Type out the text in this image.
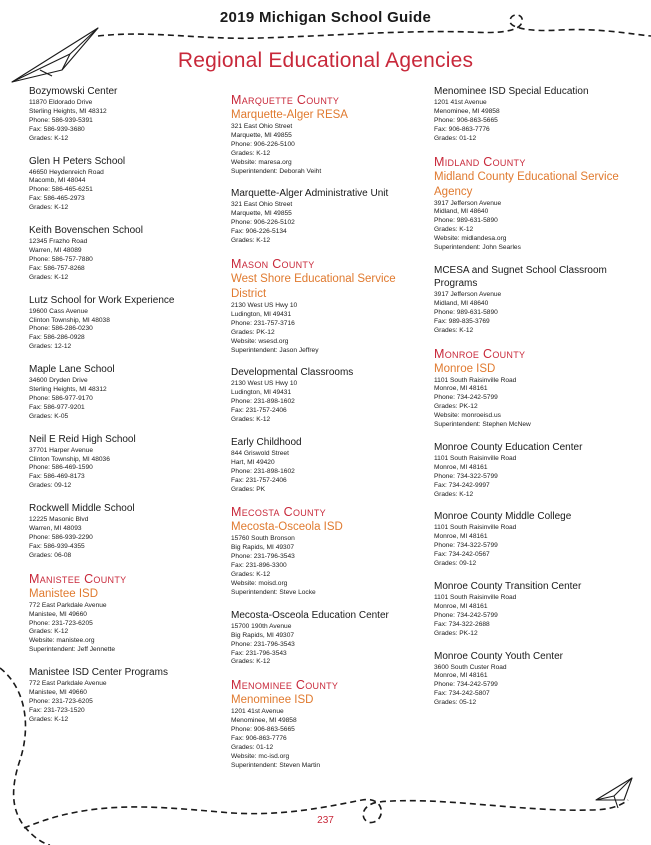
2019 Michigan School Guide
Regional Educational Agencies
Bozymowski Center
11870 Eldorado Drive
Sterling Heights, MI 48312
Phone: 586-939-5391
Fax: 586-939-3680
Grades: K-12
Glen H Peters School
46650 Heydenreich Road
Macomb, MI 48044
Phone: 586-465-6251
Fax: 586-465-2973
Grades: K-12
Keith Bovenschen School
12345 Frazho Road
Warren, MI 48089
Phone: 586-757-7880
Fax: 586-757-8268
Grades: K-12
Lutz School for Work Experience
19600 Cass Avenue
Clinton Township, MI 48038
Phone: 586-286-0230
Fax: 586-286-0928
Grades: 12-12
Maple Lane School
34600 Dryden Drive
Sterling Heights, MI 48312
Phone: 586-977-9170
Fax: 586-977-9201
Grades: K-05
Neil E Reid High School
37701 Harper Avenue
Clinton Township, MI 48036
Phone: 586-469-1590
Fax: 586-469-8173
Grades: 09-12
Rockwell Middle School
12225 Masonic Blvd
Warren, MI 48093
Phone: 586-939-2290
Fax: 586-939-4355
Grades: 06-08
Manistee County
Manistee ISD
772 East Parkdale Avenue
Manistee, MI 49660
Phone: 231-723-6205
Grades: K-12
Website: manistee.org
Superintendent: Jeff Jennette
Manistee ISD Center Programs
772 East Parkdale Avenue
Manistee, MI 49660
Phone: 231-723-6205
Fax: 231-723-1520
Grades: K-12
Marquette County
Marquette-Alger RESA
321 East Ohio Street
Marquette, MI 49855
Phone: 906-226-5100
Grades: K-12
Website: maresa.org
Superintendent: Deborah Veiht
Marquette-Alger Administrative Unit
321 East Ohio Street
Marquette, MI 49855
Phone: 906-226-5102
Fax: 906-226-5134
Grades: K-12
Mason County
West Shore Educational Service District
2130 West US Hwy 10
Ludington, MI 49431
Phone: 231-757-3716
Grades: PK-12
Website: wsesd.org
Superintendent: Jason Jeffrey
Developmental Classrooms
2130 West US Hwy 10
Ludington, MI 49431
Phone: 231-898-1602
Fax: 231-757-2406
Grades: K-12
Early Childhood
844 Griswold Street
Hart, MI 49420
Phone: 231-898-1602
Fax: 231-757-2406
Grades: PK
Mecosta County
Mecosta-Osceola ISD
15760 South Bronson
Big Rapids, MI 49307
Phone: 231-796-3543
Fax: 231-896-3300
Grades: K-12
Website: moisd.org
Superintendent: Steve Locke
Mecosta-Osceola Education Center
15700 190th Avenue
Big Rapids, MI 49307
Phone: 231-796-3543
Fax: 231-796-3543
Grades: K-12
Menominee County
Menominee ISD
1201 41st Avenue
Menominee, MI 49858
Phone: 906-863-5665
Fax: 906-863-7776
Grades: 01-12
Website: mc-isd.org
Superintendent: Steven Martin
Menominee ISD Special Education
1201 41st Avenue
Menominee, MI 49858
Phone: 906-863-5665
Fax: 906-863-7776
Grades: 01-12
Midland County
Midland County Educational Service Agency
3917 Jefferson Avenue
Midland, MI 48640
Phone: 989-631-5890
Grades: K-12
Website: midlandesa.org
Superintendent: John Searles
MCESA and Sugnet School Classroom Programs
3917 Jefferson Avenue
Midland, MI 48640
Phone: 989-631-5890
Fax: 989-835-3769
Grades: K-12
Monroe County
Monroe ISD
1101 South Raisinville Road
Monroe, MI 48161
Phone: 734-242-5799
Grades: PK-12
Website: monroeisd.us
Superintendent: Stephen McNew
Monroe County Education Center
1101 South Raisinville Road
Monroe, MI 48161
Phone: 734-322-5799
Fax: 734-242-9997
Grades: K-12
Monroe County Middle College
1101 South Raisinville Road
Monroe, MI 48161
Phone: 734-322-5799
Fax: 734-242-0567
Grades: 09-12
Monroe County Transition Center
1101 South Raisinville Road
Monroe, MI 48161
Phone: 734-242-5799
Fax: 734-322-2688
Grades: PK-12
Monroe County Youth Center
3600 South Custer Road
Monroe, MI 48161
Phone: 734-242-5799
Fax: 734-242-5807
Grades: 05-12
237
